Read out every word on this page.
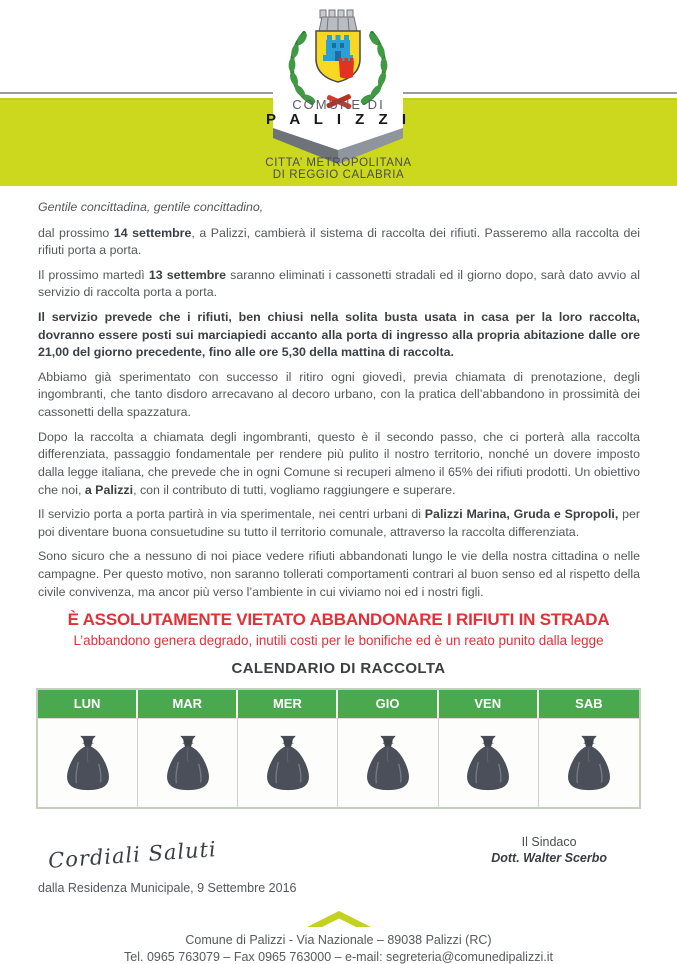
COMUNE DI
P A L I Z Z I
CITTA’ METROPOLITANA
DI REGGIO CALABRIA
Gentile concittadina, gentile concittadino,

dal prossimo 14 settembre, a Palizzi, cambierà il sistema di raccolta dei rifiuti. Passeremo alla raccolta dei rifiuti porta a porta.

Il prossimo martedì 13 settembre saranno eliminati i cassonetti stradali ed il giorno dopo, sarà dato avvio al servizio di raccolta porta a porta.

Il servizio prevede che i rifiuti, ben chiusi nella solita busta usata in casa per la loro raccolta, dovranno essere posti sui marciapiedi accanto alla porta di ingresso alla propria abitazione dalle ore 21,00 del giorno precedente, fino alle ore 5,30 della mattina di raccolta.

Abbiamo già sperimentato con successo il ritiro ogni giovedì, previa chiamata di prenotazione, degli ingombranti, che tanto disdoro arrecavano al decoro urbano, con la pratica dell’abbandono in prossimità dei cassonetti della spazzatura.

Dopo la raccolta a chiamata degli ingombranti, questo è il secondo passo, che ci porterà alla raccolta differenziata, passaggio fondamentale per rendere più pulito il nostro territorio, nonché un dovere imposto dalla legge italiana, che prevede che in ogni Comune si recuperi almeno il 65% dei rifiuti prodotti. Un obiettivo che noi, a Palizzi, con il contributo di tutti, vogliamo raggiungere e superare.

Il servizio porta a porta partirà in via sperimentale, nei centri urbani di Palizzi Marina, Gruda e Spropoli, per poi diventare buona consuetudine su tutto il territorio comunale, attraverso la raccolta differenziata.

Sono sicuro che a nessuno di noi piace vedere rifiuti abbandonati lungo le vie della nostra cittadina o nelle campagne. Per questo motivo, non saranno tollerati comportamenti contrari al buon senso ed al rispetto della civile convivenza, ma ancor più verso l’ambiente in cui viviamo noi ed i nostri figli.

È ASSOLUTAMENTE VIETATO ABBANDONARE I RIFIUTI IN STRADA
L’abbandono genera degrado, inutili costi per le bonifiche ed è un reato punito dalla legge
CALENDARIO DI RACCOLTA
LUN	MAR	MER	GIO	VEN	SAB
Cordiali Saluti	Il Sindaco
Dott. Walter Scerbo
dalla Residenza Municipale, 9 Settembre 2016
Comune di Palizzi - Via Nazionale – 89038 Palizzi (RC)
Tel. 0965 763079 – Fax 0965 763000 – e-mail: segreteria@comunedipalizzi.it
